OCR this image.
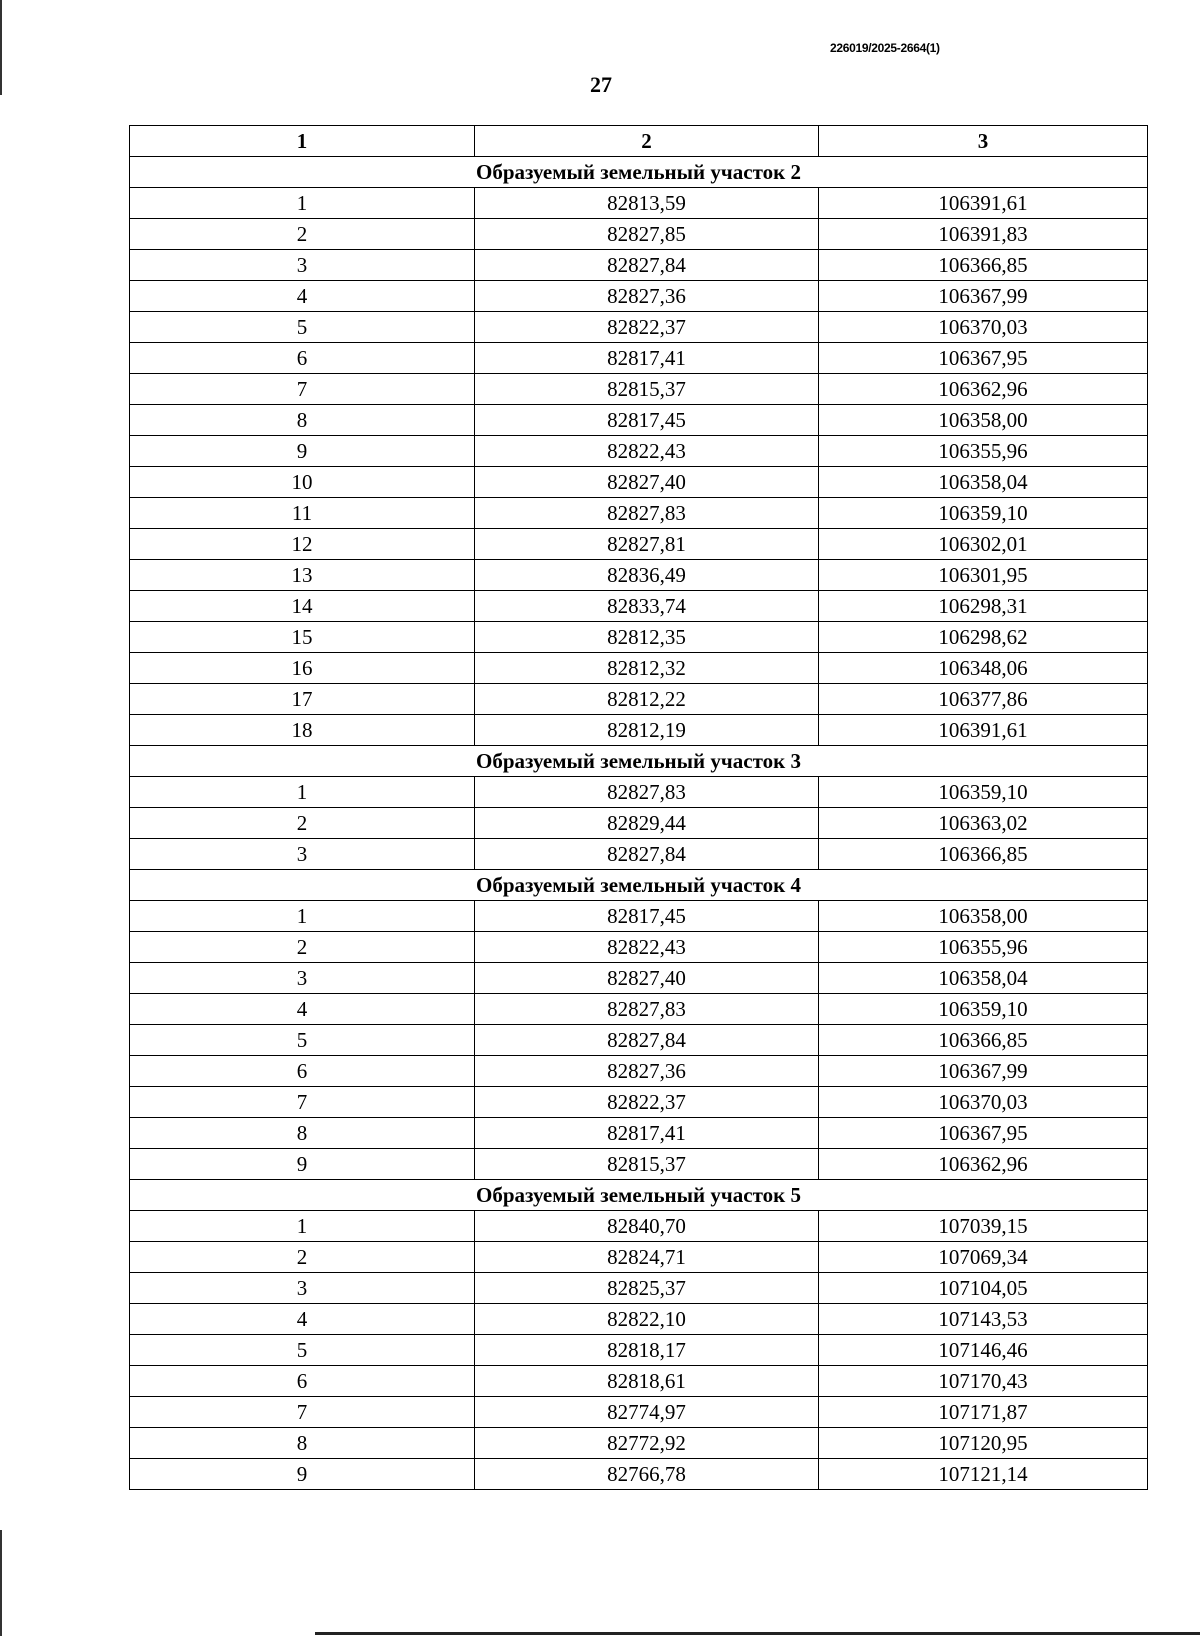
226019/2025-2664(1)
27
1	2	3
Образуемый земельный участок 2		
1	82813,59	106391,61
2	82827,85	106391,83
3	82827,84	106366,85
4	82827,36	106367,99
5	82822,37	106370,03
6	82817,41	106367,95
7	82815,37	106362,96
8	82817,45	106358,00
9	82822,43	106355,96
10	82827,40	106358,04
11	82827,83	106359,10
12	82827,81	106302,01
13	82836,49	106301,95
14	82833,74	106298,31
15	82812,35	106298,62
16	82812,32	106348,06
17	82812,22	106377,86
18	82812,19	106391,61
Образуемый земельный участок 3		
1	82827,83	106359,10
2	82829,44	106363,02
3	82827,84	106366,85
Образуемый земельный участок 4		
1	82817,45	106358,00
2	82822,43	106355,96
3	82827,40	106358,04
4	82827,83	106359,10
5	82827,84	106366,85
6	82827,36	106367,99
7	82822,37	106370,03
8	82817,41	106367,95
9	82815,37	106362,96
Образуемый земельный участок 5		
1	82840,70	107039,15
2	82824,71	107069,34
3	82825,37	107104,05
4	82822,10	107143,53
5	82818,17	107146,46
6	82818,61	107170,43
7	82774,97	107171,87
8	82772,92	107120,95
9	82766,78	107121,14
